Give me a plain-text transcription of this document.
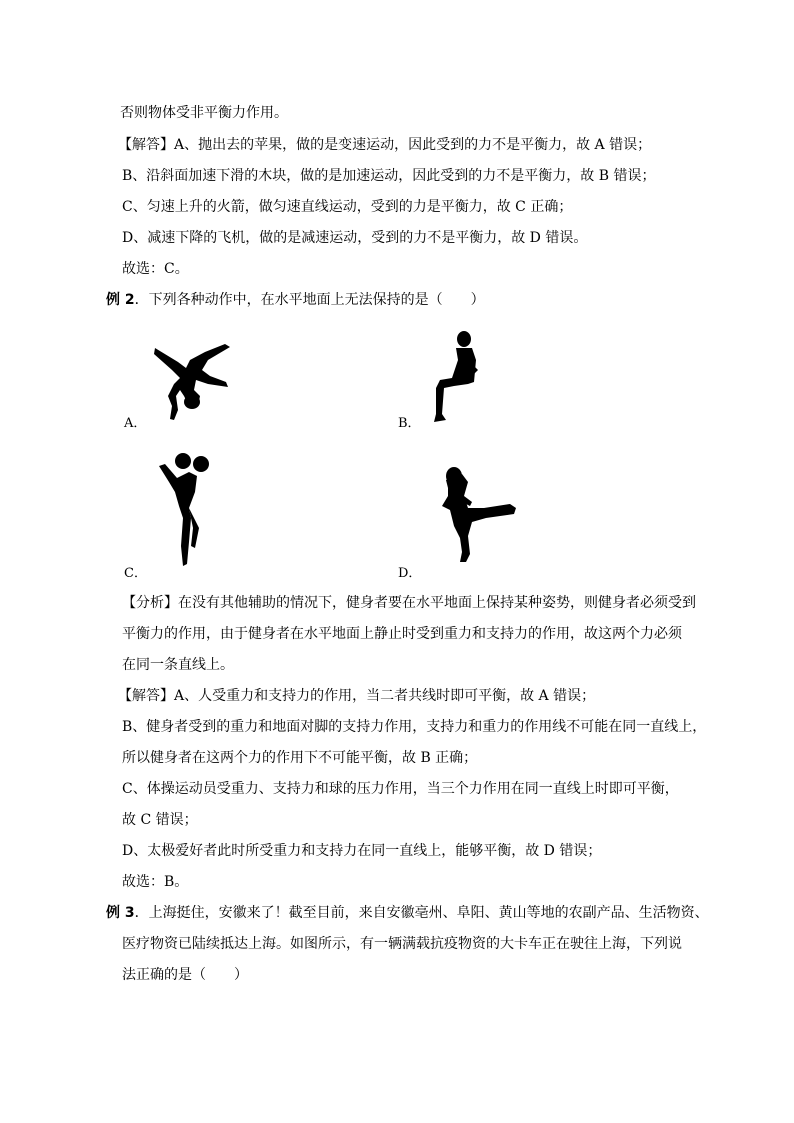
否则物体受非平衡力作用。
【解答】A、抛出去的苹果，做的是变速运动，因此受到的力不是平衡力，故 A 错误；
B、沿斜面加速下滑的木块，做的是加速运动，因此受到的力不是平衡力，故 B 错误；
C、匀速上升的火箭，做匀速直线运动，受到的力是平衡力，故 C 正确；
D、减速下降的飞机，做的是减速运动，受到的力不是平衡力，故 D 错误。
故选：C。
例 2．下列各种动作中，在水平地面上无法保持的是（　　）
A．	B．
C．	D．
【分析】在没有其他辅助的情况下，健身者要在水平地面上保持某种姿势，则健身者必须受到
平衡力的作用，由于健身者在水平地面上静止时受到重力和支持力的作用，故这两个力必须
在同一条直线上。
【解答】A、人受重力和支持力的作用，当二者共线时即可平衡，故 A 错误；
B、健身者受到的重力和地面对脚的支持力作用，支持力和重力的作用线不可能在同一直线上，
所以健身者在这两个力的作用下不可能平衡，故 B 正确；
C、体操运动员受重力、支持力和球的压力作用，当三个力作用在同一直线上时即可平衡，
故 C 错误；
D、太极爱好者此时所受重力和支持力在同一直线上，能够平衡，故 D 错误；
故选：B。
例 3．上海挺住，安徽来了！截至目前，来自安徽亳州、阜阳、黄山等地的农副产品、生活物资、
医疗物资已陆续抵达上海。如图所示，有一辆满载抗疫物资的大卡车正在驶往上海，下列说
法正确的是（　　）
